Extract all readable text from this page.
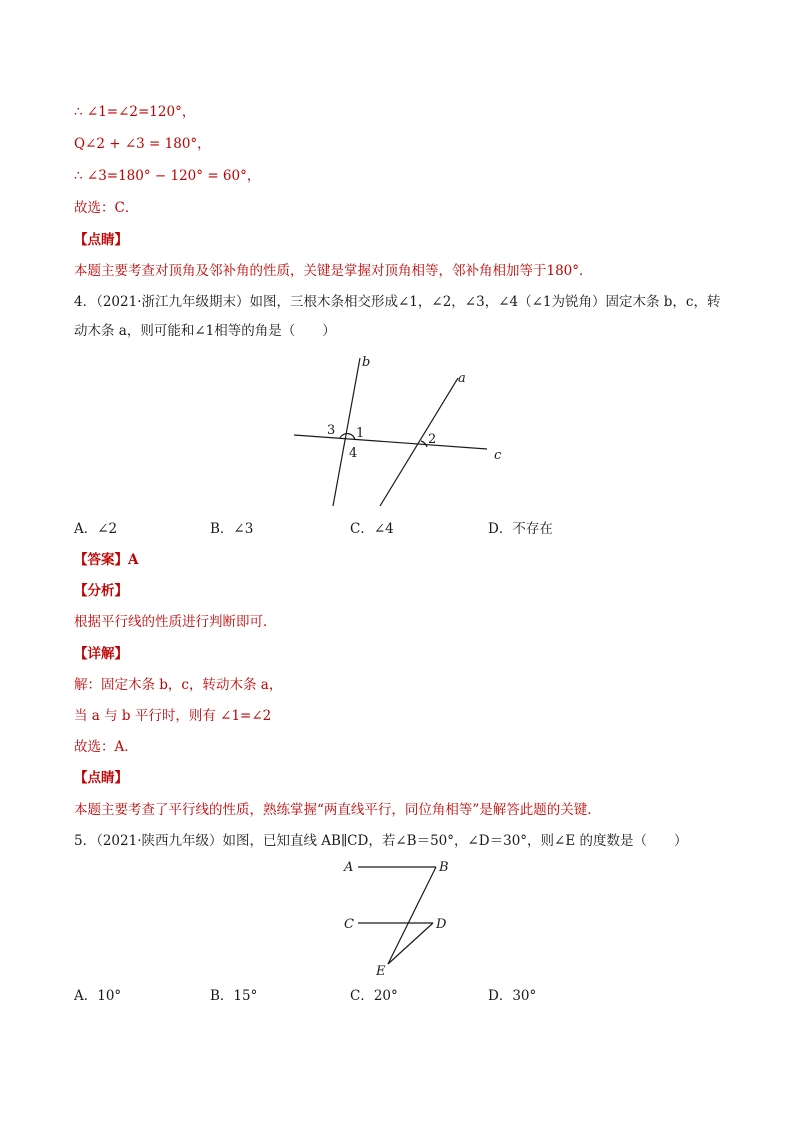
∴ ∠1=∠2=120°，
Q∠2 + ∠3 = 180°，
∴ ∠3=180° − 120° = 60°，
故选：C．
【点睛】
本题主要考查对顶角及邻补角的性质，关键是掌握对顶角相等，邻补角相加等于180°．
4．（2021·浙江九年级期末）如图，三根木条相交形成∠1，∠2，∠3，∠4（∠1为锐角）固定木条 b，c，转
动木条 a，则可能和∠1相等的角是（　　）
b
a
c
3 1
4
2
A．∠2	B．∠3	C．∠4	D．不存在
【答案】A
【分析】
根据平行线的性质进行判断即可．
【详解】
解：固定木条 b，c，转动木条 a，
当 a 与 b 平行时，则有 ∠1=∠2
故选：A．
【点睛】
本题主要考查了平行线的性质，熟练掌握“两直线平行，同位角相等”是解答此题的关键．
5．（2021·陕西九年级）如图，已知直线 AB∥CD，若∠B＝50°，∠D＝30°，则∠E 的度数是（　　）
A	B
C	D
E
A．10°	B．15°	C．20°	D．30°
